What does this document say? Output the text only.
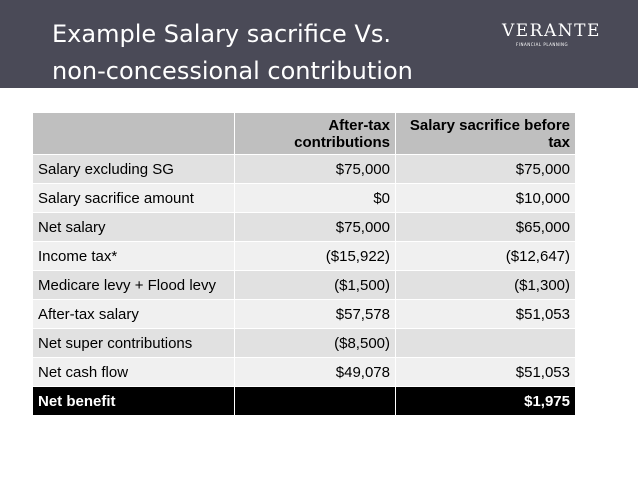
Example Salary sacrifice Vs.
non-concessional contribution
VERANTE
FINANCIAL PLANNING
	After-tax contributions	Salary sacrifice before tax
Salary excluding SG	$75,000	$75,000
Salary sacrifice amount	$0	$10,000
Net salary	$75,000	$65,000
Income tax*	($15,922)	($12,647)
Medicare levy + Flood levy	($1,500)	($1,300)
After-tax salary	$57,578	$51,053
Net super contributions	($8,500)	
Net cash flow	$49,078	$51,053
Net benefit		$1,975
